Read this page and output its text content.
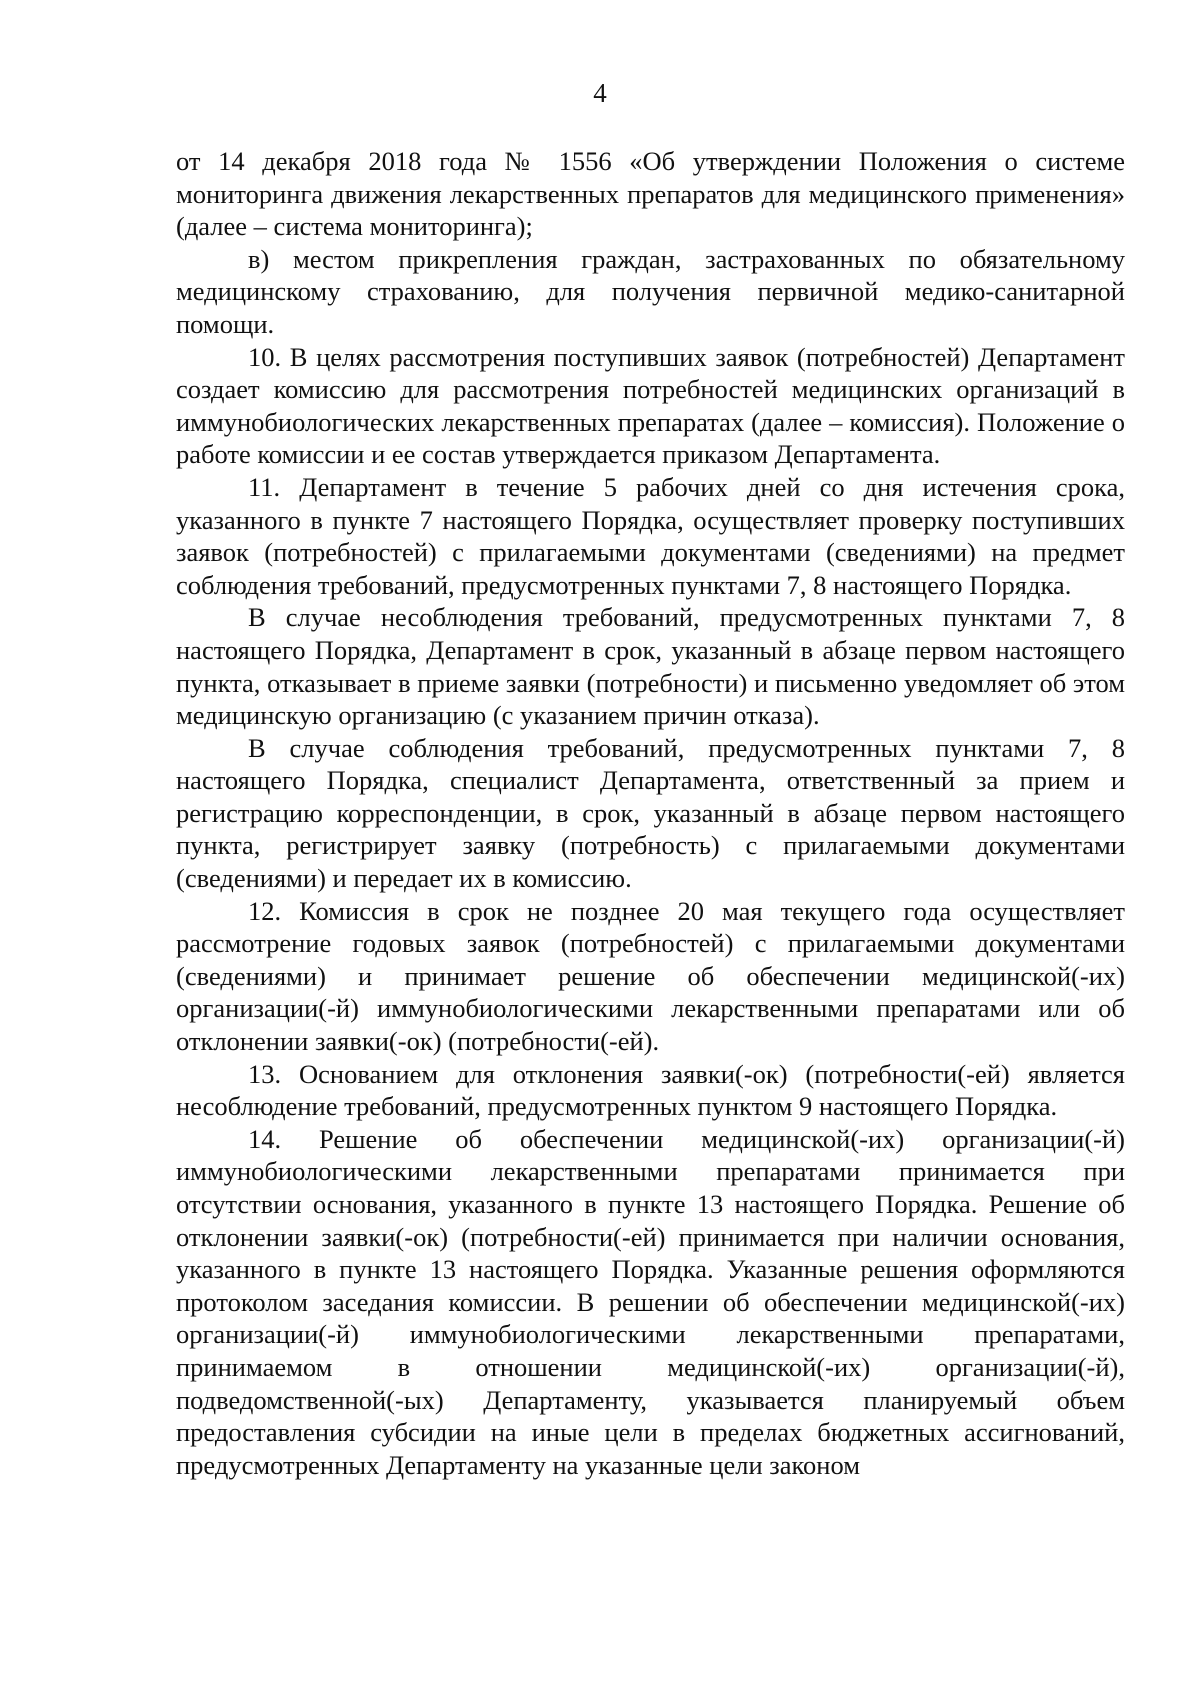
4

от 14 декабря 2018 года № 1556 «Об утверждении Положения о системе мониторинга движения лекарственных препаратов для медицинского применения» (далее – система мониторинга);

в) местом прикрепления граждан, застрахованных по обязательному медицинскому страхованию, для получения первичной медико-санитарной помощи.

10. В целях рассмотрения поступивших заявок (потребностей) Департамент создает комиссию для рассмотрения потребностей медицинских организаций в иммунобиологических лекарственных препаратах (далее – комиссия). Положение о работе комиссии и ее состав утверждается приказом Департамента.

11. Департамент в течение 5 рабочих дней со дня истечения срока, указанного в пункте 7 настоящего Порядка, осуществляет проверку поступивших заявок (потребностей) с прилагаемыми документами (сведениями) на предмет соблюдения требований, предусмотренных пунктами 7, 8 настоящего Порядка.

В случае несоблюдения требований, предусмотренных пунктами 7, 8 настоящего Порядка, Департамент в срок, указанный в абзаце первом настоящего пункта, отказывает в приеме заявки (потребности) и письменно уведомляет об этом медицинскую организацию (с указанием причин отказа).

В случае соблюдения требований, предусмотренных пунктами 7, 8 настоящего Порядка, специалист Департамента, ответственный за прием и регистрацию корреспонденции, в срок, указанный в абзаце первом настоящего пункта, регистрирует заявку (потребность) с прилагаемыми документами (сведениями) и передает их в комиссию.

12. Комиссия в срок не позднее 20 мая текущего года осуществляет рассмотрение годовых заявок (потребностей) с прилагаемыми документами (сведениями) и принимает решение об обеспечении медицинской(-их) организации(-й) иммунобиологическими лекарственными препаратами или об отклонении заявки(-ок) (потребности(-ей).

13. Основанием для отклонения заявки(-ок) (потребности(-ей) является несоблюдение требований, предусмотренных пунктом 9 настоящего Порядка.

14. Решение об обеспечении медицинской(-их) организации(-й) иммунобиологическими лекарственными препаратами принимается при отсутствии основания, указанного в пункте 13 настоящего Порядка. Решение об отклонении заявки(-ок) (потребности(-ей) принимается при наличии основания, указанного в пункте 13 настоящего Порядка. Указанные решения оформляются протоколом заседания комиссии. В решении об обеспечении медицинской(-их) организации(-й) иммунобиологическими лекарственными препаратами, принимаемом в отношении медицинской(-их) организации(-й), подведомственной(-ых) Департаменту, указывается планируемый объем предоставления субсидии на иные цели в пределах бюджетных ассигнований, предусмотренных Департаменту на указанные цели законом
